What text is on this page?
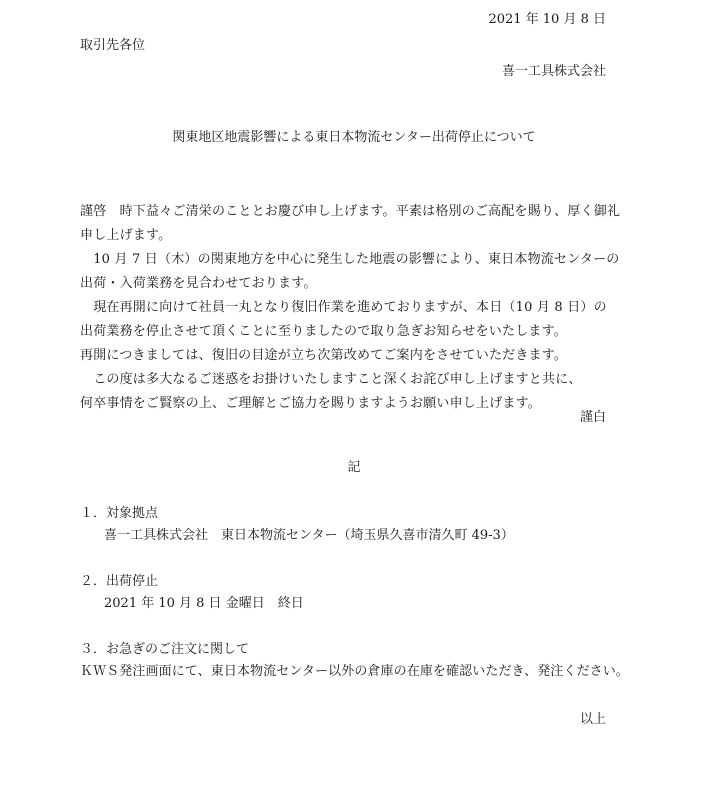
2021 年 10 月 8 日
取引先各位
喜一工具株式会社
関東地区地震影響による東日本物流センター出荷停止について

謹啓　時下益々ご清栄のこととお慶び申し上げます。平素は格別のご高配を賜り、厚く御礼

申し上げます。

　10 月 7 日（木）の関東地方を中心に発生した地震の影響により、東日本物流センターの

出荷・入荷業務を見合わせております。

　現在再開に向けて社員一丸となり復旧作業を進めておりますが、本日（10 月 8 日）の

出荷業務を停止させて頂くことに至りましたので取り急ぎお知らせをいたします。

再開につきましては、復旧の目途が立ち次第改めてご案内をさせていただきます。

　この度は多大なるご迷惑をお掛けいたしますこと深くお詫び申し上げますと共に、

何卒事情をご賢察の上、ご理解とご協力を賜りますようお願い申し上げます。

謹白
記
１．対象拠点
喜一工具株式会社　東日本物流センター（埼玉県久喜市清久町 49-3）
２．出荷停止
2021 年 10 月 8 日 金曜日　終日
３．お急ぎのご注文に関して
ＫＷＳ発注画面にて、東日本物流センター以外の倉庫の在庫を確認いただき、発注ください。
以上
